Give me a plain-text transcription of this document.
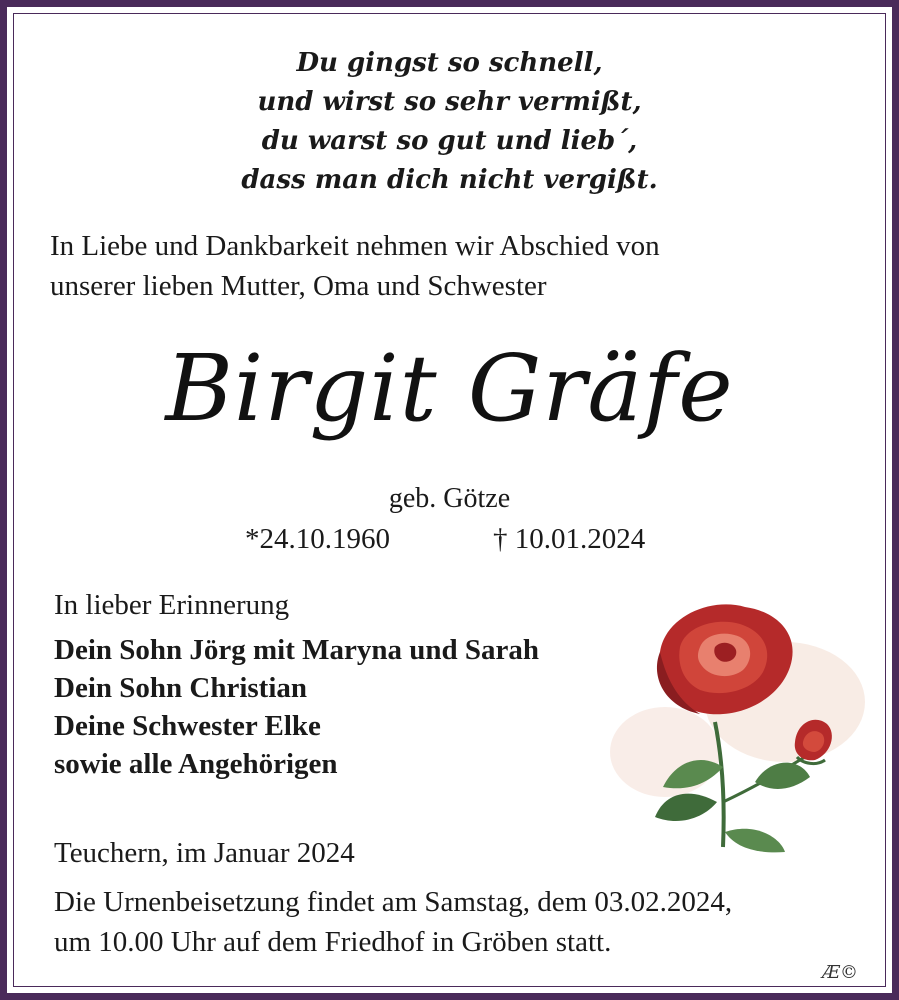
Du gingst so schnell,
und wirst so sehr vermißt,
du warst so gut und lieb´,
dass man dich nicht vergißt.
In Liebe und Dankbarkeit nehmen wir Abschied von
unserer lieben Mutter, Oma und Schwester
Birgit Gräfe
geb. Götze
*24.10.1960	† 10.01.2024
In lieber Erinnerung
Dein Sohn Jörg mit Maryna und Sarah
Dein Sohn Christian
Deine Schwester Elke
sowie alle Angehörigen
Teuchern, im Januar 2024
Die Urnenbeisetzung findet am Samstag, dem 03.02.2024,
um 10.00 Uhr auf dem Friedhof in Gröben statt.
Æ©
